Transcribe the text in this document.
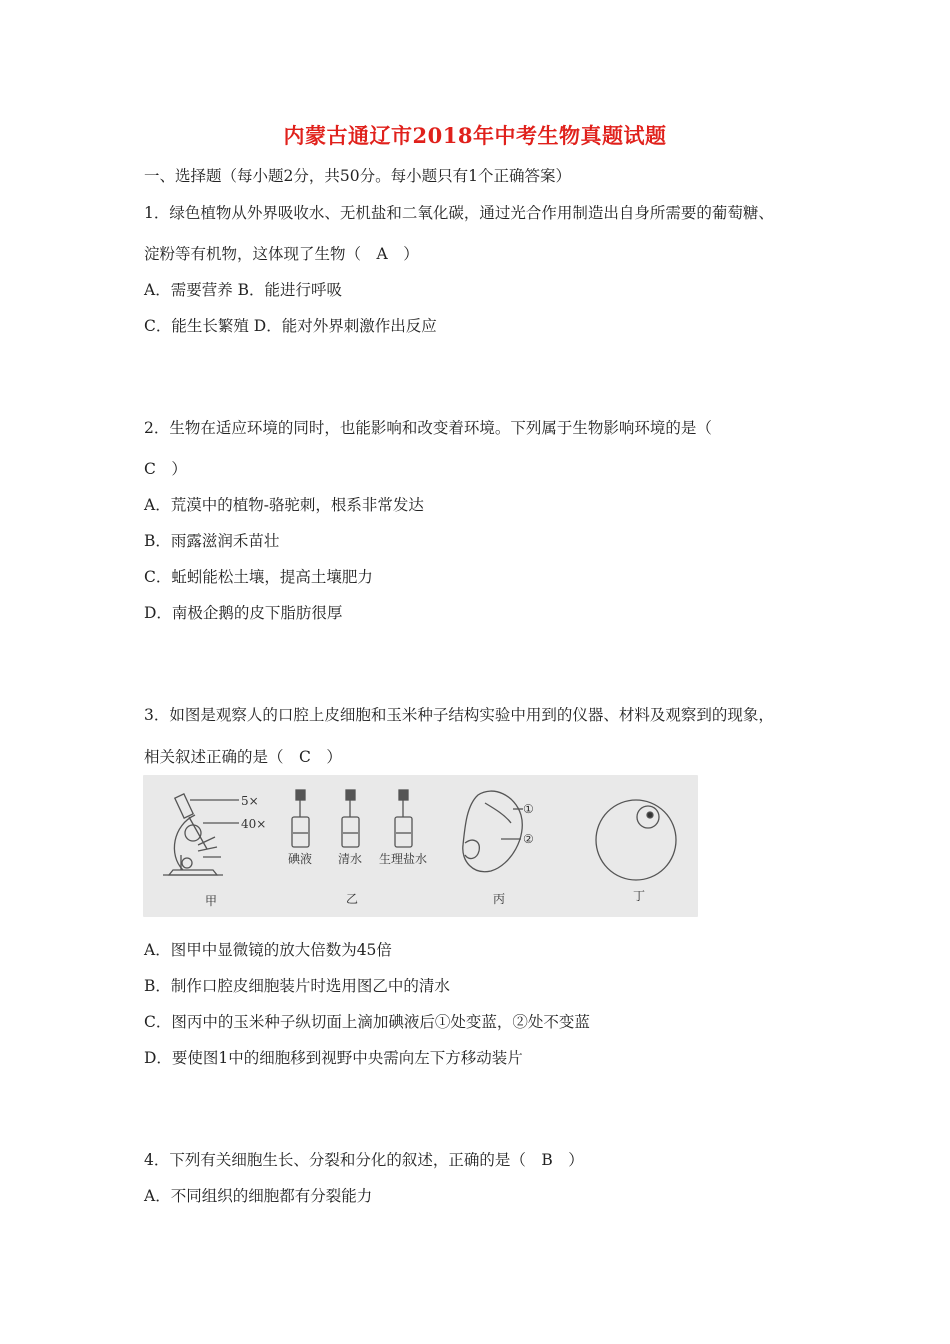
内蒙古通辽市2018年中考生物真题试题
一、选择题（每小题2分，共50分。每小题只有1个正确答案）
1．绿色植物从外界吸收水、无机盐和二氧化碳，通过光合作用制造出自身所需要的葡萄糖、
淀粉等有机物，这体现了生物（　A　）
A．需要营养 B．能进行呼吸
C．能生长繁殖 D．能对外界刺激作出反应
2．生物在适应环境的同时，也能影响和改变着环境。下列属于生物影响环境的是（
C　）
A．荒漠中的植物-骆驼刺，根系非常发达
B．雨露滋润禾苗壮
C．蚯蚓能松土壤，提高土壤肥力
D．南极企鹅的皮下脂肪很厚
3．如图是观察人的口腔上皮细胞和玉米种子结构实验中用到的仪器、材料及观察到的现象，
相关叙述正确的是（　C　）
5×
40×
甲
碘液 清水 生理盐水
乙
①
②
丙	丁
A．图甲中显微镜的放大倍数为45倍
B．制作口腔皮细胞装片时选用图乙中的清水
C．图丙中的玉米种子纵切面上滴加碘液后①处变蓝，②处不变蓝
D．要使图1中的细胞移到视野中央需向左下方移动装片
4．下列有关细胞生长、分裂和分化的叙述，正确的是（　B　）
A．不同组织的细胞都有分裂能力
